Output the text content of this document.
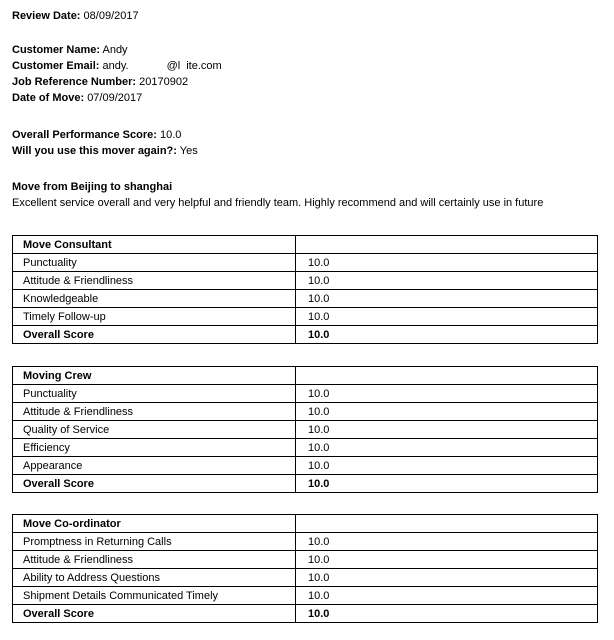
Review Date: 08/09/2017
Customer Name: Andy
Customer Email: andy.	@l ite.com
Job Reference Number: 20170902
Date of Move: 07/09/2017
Overall Performance Score: 10.0
Will you use this mover again?: Yes
Move from Beijing to shanghai
Excellent service overall and very helpful and friendly team. Highly recommend and will certainly use in future
Move Consultant	
Punctuality	10.0
Attitude & Friendliness	10.0
Knowledgeable	10.0
Timely Follow-up	10.0
Overall Score	10.0
Moving Crew	
Punctuality	10.0
Attitude & Friendliness	10.0
Quality of Service	10.0
Efficiency	10.0
Appearance	10.0
Overall Score	10.0
Move Co-ordinator	
Promptness in Returning Calls	10.0
Attitude & Friendliness	10.0
Ability to Address Questions	10.0
Shipment Details Communicated Timely	10.0
Overall Score	10.0
